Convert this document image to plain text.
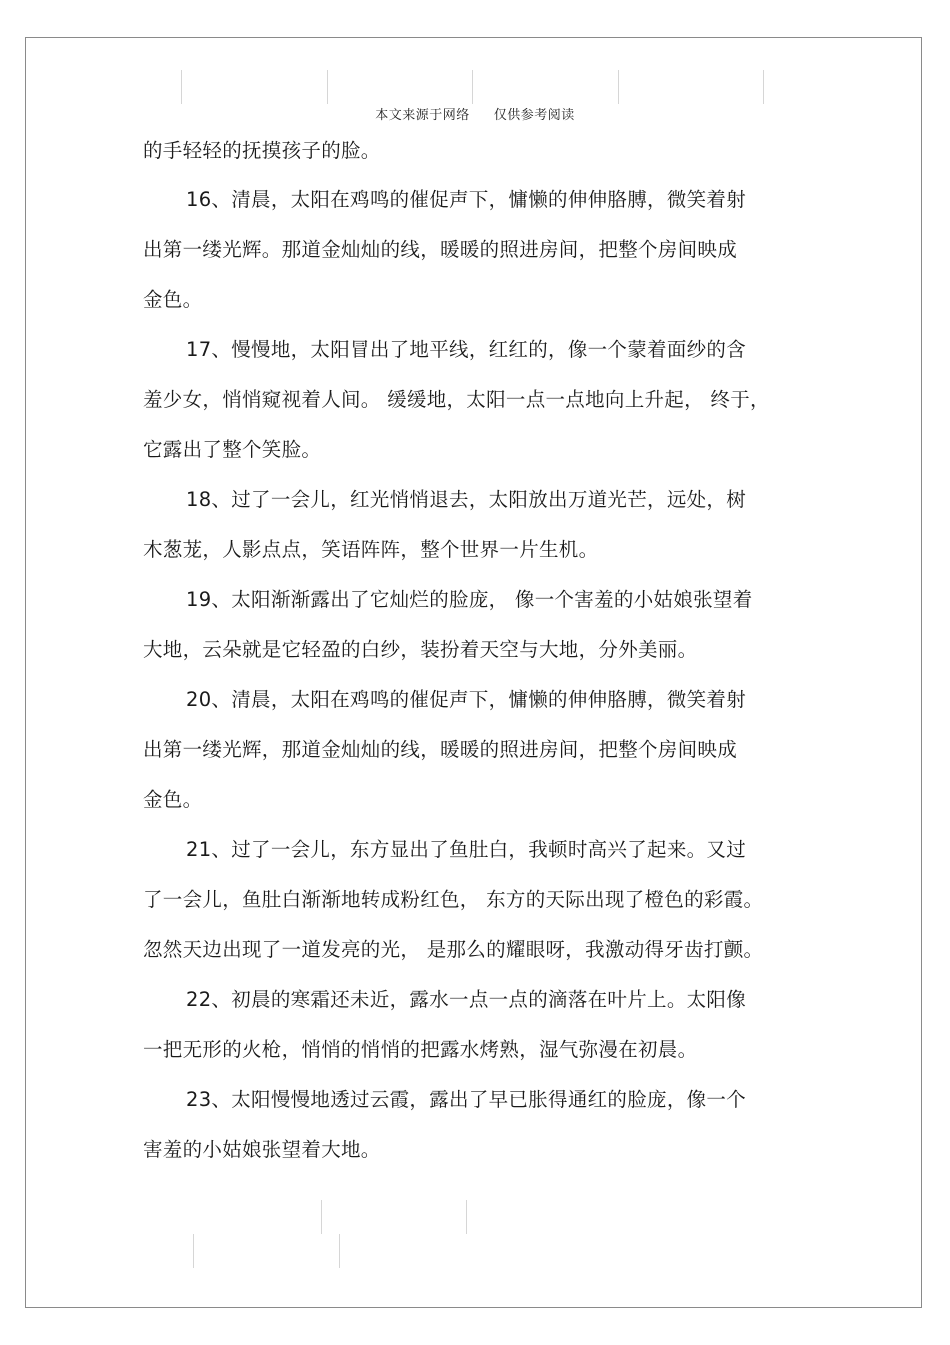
本文来源于网络 仅供参考阅读
的手轻轻的抚摸孩子的脸。
16、清晨，太阳在鸡鸣的催促声下，慵懒的伸伸胳膊，微笑着射
出第一缕光辉。那道金灿灿的线，暖暖的照进房间，把整个房间映成
金色。
17、慢慢地，太阳冒出了地平线，红红的，像一个蒙着面纱的含
羞少女，悄悄窥视着人间。 缓缓地，太阳一点一点地向上升起， 终于，
它露出了整个笑脸。
18、过了一会儿，红光悄悄退去，太阳放出万道光芒，远处，树
木葱茏，人影点点，笑语阵阵，整个世界一片生机。
19、太阳渐渐露出了它灿烂的脸庞， 像一个害羞的小姑娘张望着
大地，云朵就是它轻盈的白纱，装扮着天空与大地，分外美丽。
20、清晨，太阳在鸡鸣的催促声下，慵懒的伸伸胳膊，微笑着射
出第一缕光辉，那道金灿灿的线，暖暖的照进房间，把整个房间映成
金色。
21、过了一会儿，东方显出了鱼肚白，我顿时高兴了起来。又过
了一会儿，鱼肚白渐渐地转成粉红色， 东方的天际出现了橙色的彩霞。
忽然天边出现了一道发亮的光， 是那么的耀眼呀，我激动得牙齿打颤。
22、初晨的寒霜还未近，露水一点一点的滴落在叶片上。太阳像
一把无形的火枪，悄悄的悄悄的把露水烤熟，湿气弥漫在初晨。
23、太阳慢慢地透过云霞，露出了早已胀得通红的脸庞，像一个
害羞的小姑娘张望着大地。
